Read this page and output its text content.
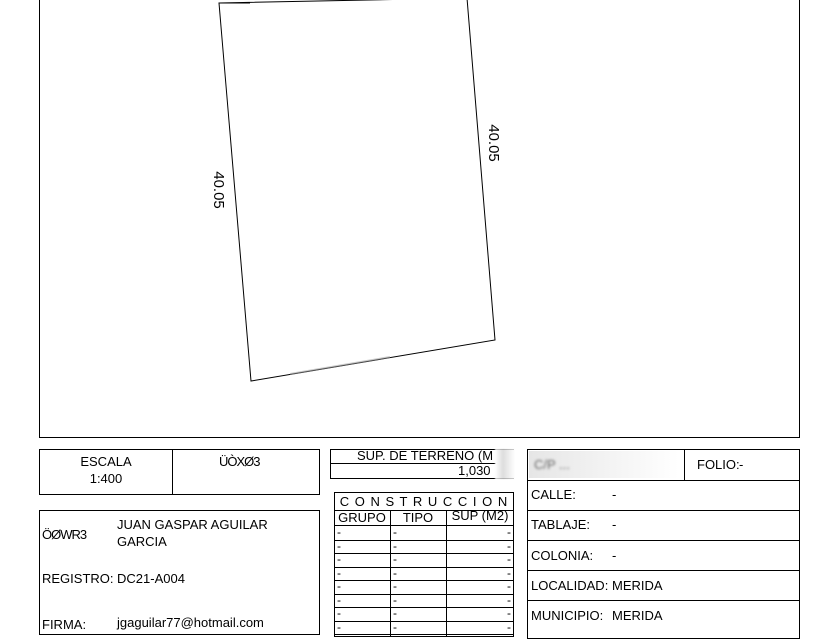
40.05
40.05
ESCALA
1:400
ÜÒXØ3
ÖØWR3
JUAN GASPAR AGUILAR
GARCIA
REGISTRO: DC21-A004
FIRMA: jgaguilar77@hotmail.com
SUP. DE TERRENO (M
1,030
C O N S T R U C C I O N
GRUPO	TIPO	SUP (M2)
-	-	-
-	-	-
-	-	-
-	-	-
-	-	-
-	-	-
-	-	-
-	-	-
C/P ...	FOLIO: -
CALLE:	-
TABLAJE: -
COLONIA: -
LOCALIDAD: MERIDA
MUNICIPIO: MERIDA
